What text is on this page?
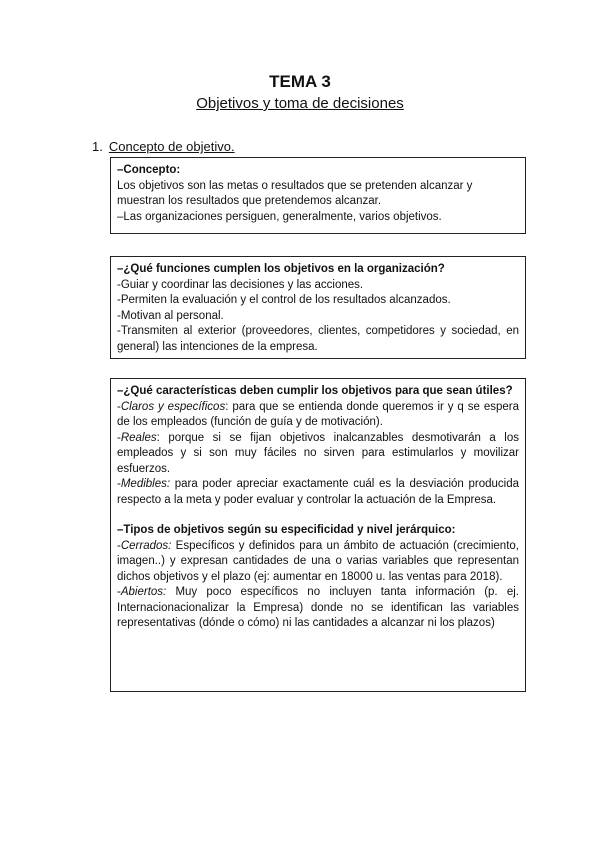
TEMA 3
Objetivos y toma de decisiones
1. Concepto de objetivo.

–Concepto:

Los objetivos son las metas o resultados que se pretenden alcanzar y muestran los resultados que pretendemos alcanzar.

–Las organizaciones persiguen, generalmente, varios objetivos.

–¿Qué funciones cumplen los objetivos en la organización?

-Guiar y coordinar las decisiones y las acciones.

-Permiten la evaluación y el control de los resultados alcanzados.

-Motivan al personal.

-Transmiten al exterior (proveedores, clientes, competidores y sociedad, en general) las intenciones de la empresa.

–¿Qué características deben cumplir los objetivos para que sean útiles?

-Claros y específicos: para que se entienda donde queremos ir y q se espera de los empleados (función de guía y de motivación).

-Reales: porque si se fijan objetivos inalcanzables desmotivarán a los empleados y si son muy fáciles no sirven para estimularlos y movilizar esfuerzos.

-Medibles: para poder apreciar exactamente cuál es la desviación producida respecto a la meta y poder evaluar y controlar la actuación de la Empresa.

–Tipos de objetivos según su especificidad y nivel jerárquico:

-Cerrados: Específicos y definidos para un ámbito de actuación (crecimiento, imagen..) y expresan cantidades de una o varias variables que representan dichos objetivos y el plazo (ej: aumentar en 18000 u. las ventas para 2018).

-Abiertos: Muy poco específicos no incluyen tanta información (p. ej. Internacionacionalizar la Empresa) donde no se identifican las variables representativas (dónde o cómo) ni las cantidades a alcanzar ni los plazos)
